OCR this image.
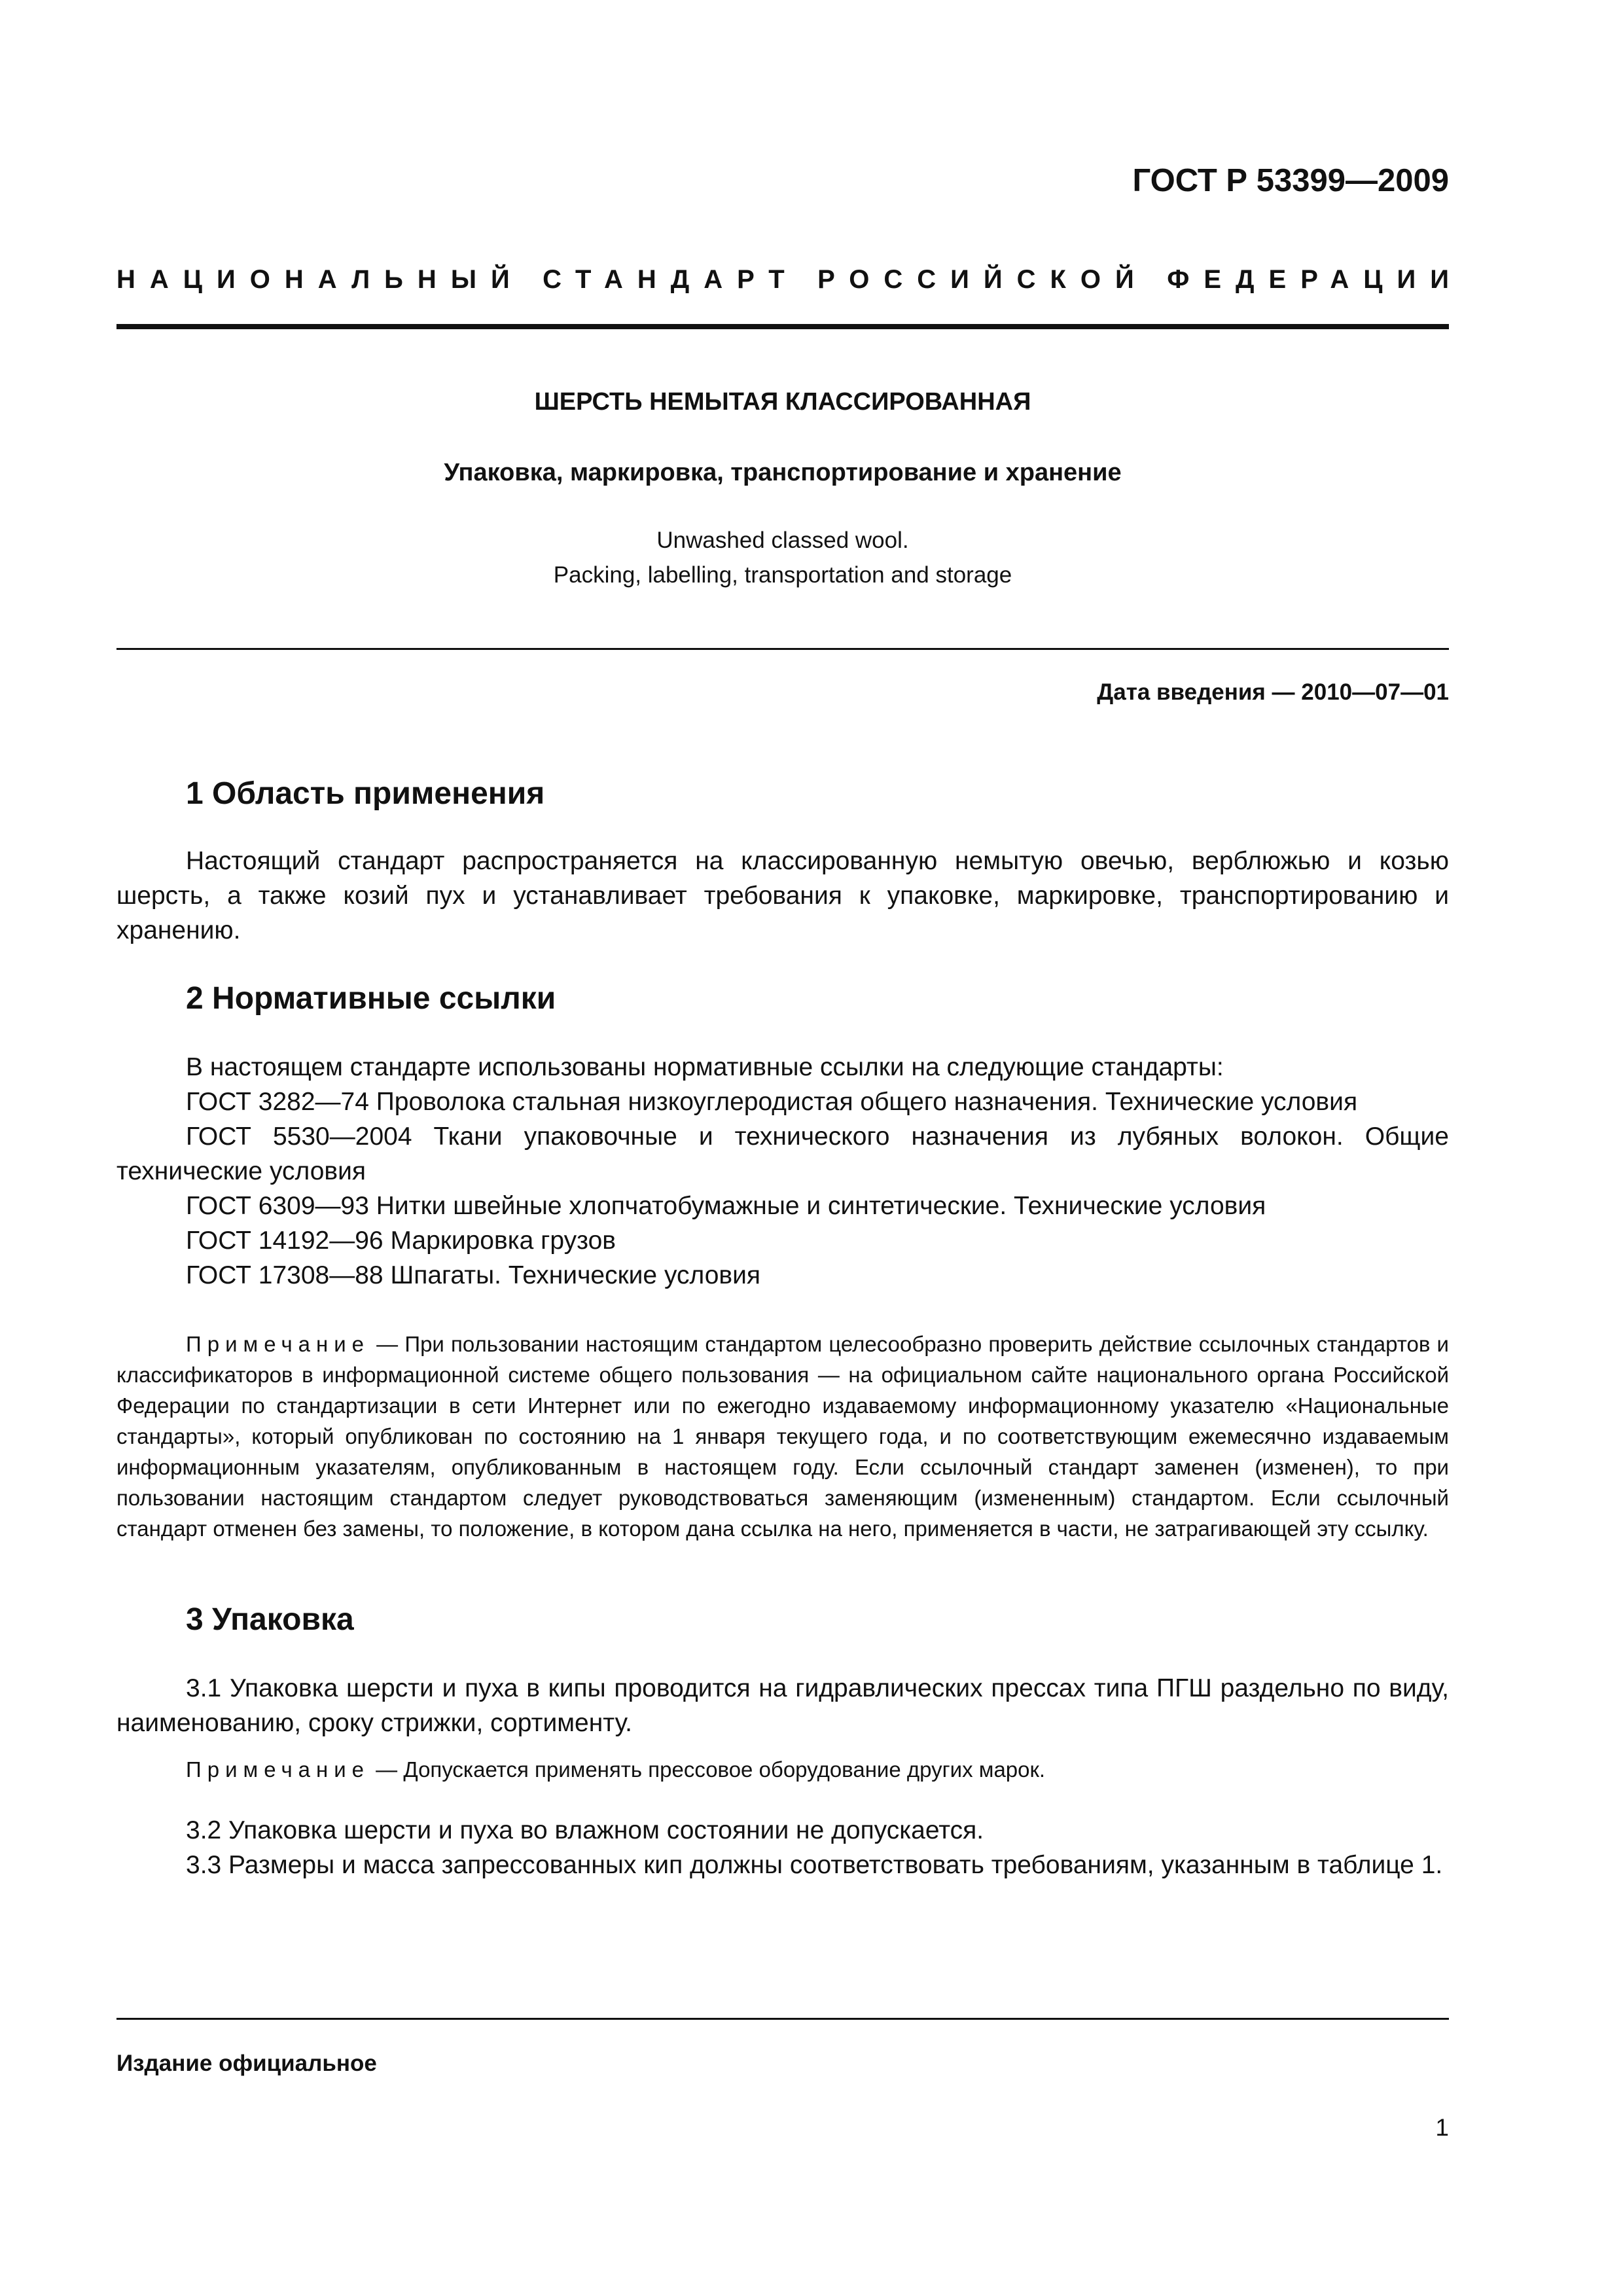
ГОСТ Р 53399—2009
НАЦИОНАЛЬНЫЙ СТАНДАРТ РОССИЙСКОЙ ФЕДЕРАЦИИ
ШЕРСТЬ НЕМЫТАЯ КЛАССИРОВАННАЯ
Упаковка, маркировка, транспортирование и хранение
Unwashed classed wool.
Packing, labelling, transportation and storage
Дата введения — 2010—07—01
1 Область применения

Настоящий стандарт распространяется на классированную немытую овечью, верблюжью и козью шерсть, а также козий пух и устанавливает требования к упаковке, маркировке, транспортированию и хранению.

2 Нормативные ссылки
В настоящем стандарте использованы нормативные ссылки на следующие стандарты:
ГОСТ 3282—74 Проволока стальная низкоуглеродистая общего назначения. Технические условия
ГОСТ 5530—2004 Ткани упаковочные и технического назначения из лубяных волокон. Общие технические условия
ГОСТ 6309—93 Нитки швейные хлопчатобумажные и синтетические. Технические условия
ГОСТ 14192—96 Маркировка грузов
ГОСТ 17308—88 Шпагаты. Технические условия

Примечание — При пользовании настоящим стандартом целесообразно проверить действие ссылочных стандартов и классификаторов в информационной системе общего пользования — на официальном сайте национального органа Российской Федерации по стандартизации в сети Интернет или по ежегодно издаваемому информационному указателю «Национальные стандарты», который опубликован по состоянию на 1 января текущего года, и по соответствующим ежемесячно издаваемым информационным указателям, опубликованным в настоящем году. Если ссылочный стандарт заменен (изменен), то при пользовании настоящим стандартом следует руководствоваться заменяющим (измененным) стандартом. Если ссылочный стандарт отменен без замены, то положение, в котором дана ссылка на него, применяется в части, не затрагивающей эту ссылку.

3 Упаковка

3.1 Упаковка шерсти и пуха в кипы проводится на гидравлических прессах типа ПГШ раздельно по виду, наименованию, сроку стрижки, сортименту.

Примечание — Допускается применять прессовое оборудование других марок.

3.2 Упаковка шерсти и пуха во влажном состоянии не допускается.

3.3 Размеры и масса запрессованных кип должны соответствовать требованиям, указанным в таблице 1.

Издание официальное
1
